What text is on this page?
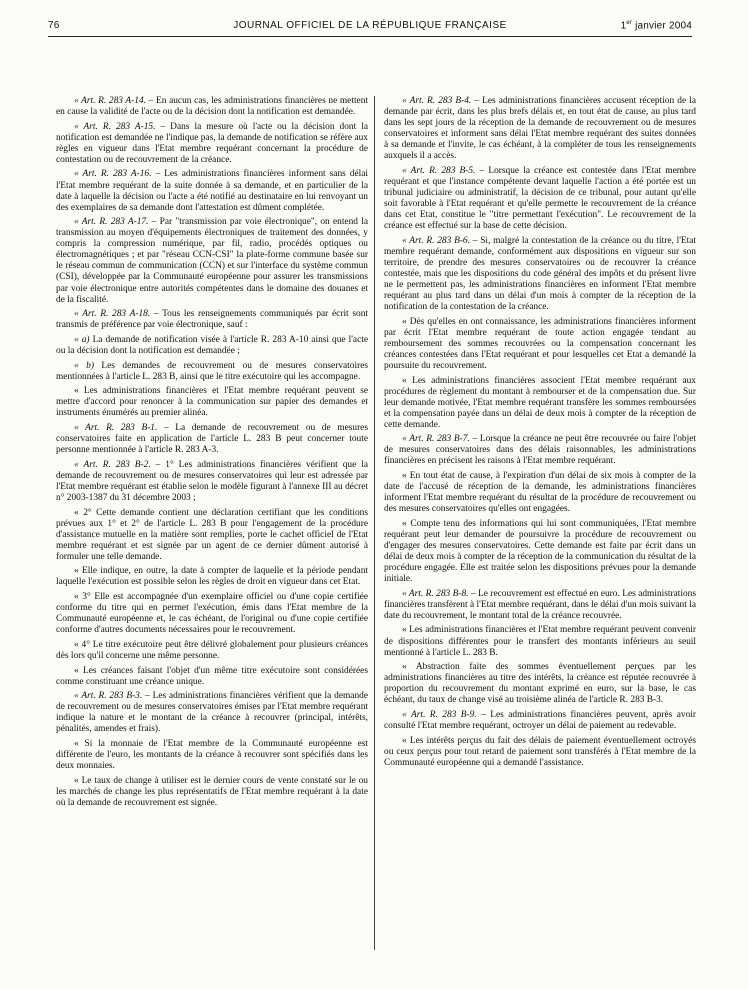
76	JOURNAL OFFICIEL DE LA RÉPUBLIQUE FRANÇAISE	1er janvier 2004

« Art. R. 283 A-14. – En aucun cas, les administrations financières ne mettent en cause la validité de l'acte ou de la décision dont la notification est demandée.

« Art. R. 283 A-15. – Dans la mesure où l'acte ou la décision dont la notification est demandée ne l'indique pas, la demande de notification se réfère aux règles en vigueur dans l'Etat membre requérant concernant la procédure de contestation ou de recouvrement de la créance.

« Art. R. 283 A-16. – Les administrations financières informent sans délai l'Etat membre requérant de la suite donnée à sa demande, et en particulier de la date à laquelle la décision ou l'acte a été notifié au destinataire en lui renvoyant un des exemplaires de sa demande dont l'attestation est dûment complétée.

« Art. R. 283 A-17. – Par "transmission par voie électronique", on entend la transmission au moyen d'équipements électroniques de traitement des données, y compris la compression numérique, par fil, radio, procédés optiques ou électromagnétiques ; et par "réseau CCN-CSI" la plate-forme commune basée sur le réseau commun de communication (CCN) et sur l'interface du système commun (CSI), développée par la Communauté européenne pour assurer les transmissions par voie électronique entre autorités compétentes dans le domaine des douanes et de la fiscalité.

« Art. R. 283 A-18. – Tous les renseignements communiqués par écrit sont transmis de préférence par voie électronique, sauf :

« a) La demande de notification visée à l'article R. 283 A-10 ainsi que l'acte ou la décision dont la notification est demandée ;

« b) Les demandes de recouvrement ou de mesures conservatoires mentionnées à l'article L. 283 B, ainsi que le titre exécutoire qui les accompagne.

« Les administrations financières et l'Etat membre requérant peuvent se mettre d'accord pour renoncer à la communication sur papier des demandes et instruments énumérés au premier alinéa.

« Art. R. 283 B-1. – La demande de recouvrement ou de mesures conservatoires faite en application de l'article L. 283 B peut concerner toute personne mentionnée à l'article R. 283 A-3.

« Art. R. 283 B-2. – 1° Les administrations financières vérifient que la demande de recouvrement ou de mesures conservatoires qui leur est adressée par l'Etat membre requérant est établie selon le modèle figurant à l'annexe III au décret n° 2003-1387 du 31 décembre 2003 ;

« 2° Cette demande contient une déclaration certifiant que les conditions prévues aux 1° et 2° de l'article L. 283 B pour l'engagement de la procédure d'assistance mutuelle en la matière sont remplies, porte le cachet officiel de l'Etat membre requérant et est signée par un agent de ce dernier dûment autorisé à formuler une telle demande.

« Elle indique, en outre, la date à compter de laquelle et la période pendant laquelle l'exécution est possible selon les règles de droit en vigueur dans cet Etat.

« 3° Elle est accompagnée d'un exemplaire officiel ou d'une copie certifiée conforme du titre qui en permet l'exécution, émis dans l'Etat membre de la Communauté européenne et, le cas échéant, de l'original ou d'une copie certifiée conforme d'autres documents nécessaires pour le recouvrement.

« 4° Le titre exécutoire peut être délivré globalement pour plusieurs créances dès lors qu'il concerne une même personne.

« Les créances faisant l'objet d'un même titre exécutoire sont considérées comme constituant une créance unique.

« Art. R. 283 B-3. – Les administrations financières vérifient que la demande de recouvrement ou de mesures conservatoires émises par l'Etat membre requérant indique la nature et le montant de la créance à recouvrer (principal, intérêts, pénalités, amendes et frais).

« Si la monnaie de l'Etat membre de la Communauté européenne est différente de l'euro, les montants de la créance à recouvrer sont spécifiés dans les deux monnaies.

« Le taux de change à utiliser est le dernier cours de vente constaté sur le ou les marchés de change les plus représentatifs de l'Etat membre requérant à la date où la demande de recouvrement est signée.

« Art. R. 283 B-4. – Les administrations financières accusent réception de la demande par écrit, dans les plus brefs délais et, en tout état de cause, au plus tard dans les sept jours de la réception de la demande de recouvrement ou de mesures conservatoires et informent sans délai l'Etat membre requérant des suites données à sa demande et l'invite, le cas échéant, à la compléter de tous les renseignements auxquels il a accès.

« Art. R. 283 B-5. – Lorsque la créance est contestée dans l'Etat membre requérant et que l'instance compétente devant laquelle l'action a été portée est un tribunal judiciaire ou administratif, la décision de ce tribunal, pour autant qu'elle soit favorable à l'Etat requérant et qu'elle permette le recouvrement de la créance dans cet Etat, constitue le "titre permettant l'exécution". Le recouvrement de la créance est effectué sur la base de cette décision.

« Art. R. 283 B-6. – Si, malgré la contestation de la créance ou du titre, l'Etat membre requérant demande, conformément aux dispositions en vigueur sur son territoire, de prendre des mesures conservatoires ou de recouvrer la créance contestée, mais que les dispositions du code général des impôts et du présent livre ne le permettent pas, les administrations financières en informent l'Etat membre requérant au plus tard dans un délai d'un mois à compter de la réception de la notification de la contestation de la créance.

« Dès qu'elles en ont connaissance, les administrations financières informent par écrit l'Etat membre requérant de toute action engagée tendant au remboursement des sommes recouvrées ou la compensation concernant les créances contestées dans l'Etat requérant et pour lesquelles cet Etat a demandé la poursuite du recouvrement.

« Les administrations financières associent l'Etat membre requérant aux procédures de règlement du montant à rembourser et de la compensation due. Sur leur demande motivée, l'Etat membre requérant transfère les sommes remboursées et la compensation payée dans un délai de deux mois à compter de la réception de cette demande.

« Art. R. 283 B-7. – Lorsque la créance ne peut être recouvrée ou faire l'objet de mesures conservatoires dans des délais raisonnables, les administrations financières en précisent les raisons à l'Etat membre requérant.

« En tout état de cause, à l'expiration d'un délai de six mois à compter de la date de l'accusé de réception de la demande, les administrations financières informent l'Etat membre requérant du résultat de la procédure de recouvrement ou des mesures conservatoires qu'elles ont engagées.

« Compte tenu des informations qui lui sont communiquées, l'Etat membre requérant peut leur demander de poursuivre la procédure de recouvrement ou d'engager des mesures conservatoires. Cette demande est faite par écrit dans un délai de deux mois à compter de la réception de la communication du résultat de la procédure engagée. Elle est traitée selon les dispositions prévues pour la demande initiale.

« Art. R. 283 B-8. – Le recouvrement est effectué en euro. Les administrations financières transfèrent à l'Etat membre requérant, dans le délai d'un mois suivant la date du recouvrement, le montant total de la créance recouvrée.

« Les administrations financières et l'Etat membre requérant peuvent convenir de dispositions différentes pour le transfert des montants inférieurs au seuil mentionné à l'article L. 283 B.

« Abstraction faite des sommes éventuellement perçues par les administrations financières au titre des intérêts, la créance est réputée recouvrée à proportion du recouvrement du montant exprimé en euro, sur la base, le cas échéant, du taux de change visé au troisième alinéa de l'article R. 283 B-3.

« Art. R. 283 B-9. – Les administrations financières peuvent, après avoir consulté l'Etat membre requérant, octroyer un délai de paiement au redevable.

« Les intérêts perçus du fait des délais de paiement éventuellement octroyés ou ceux perçus pour tout retard de paiement sont transférés à l'Etat membre de la Communauté européenne qui a demandé l'assistance.
